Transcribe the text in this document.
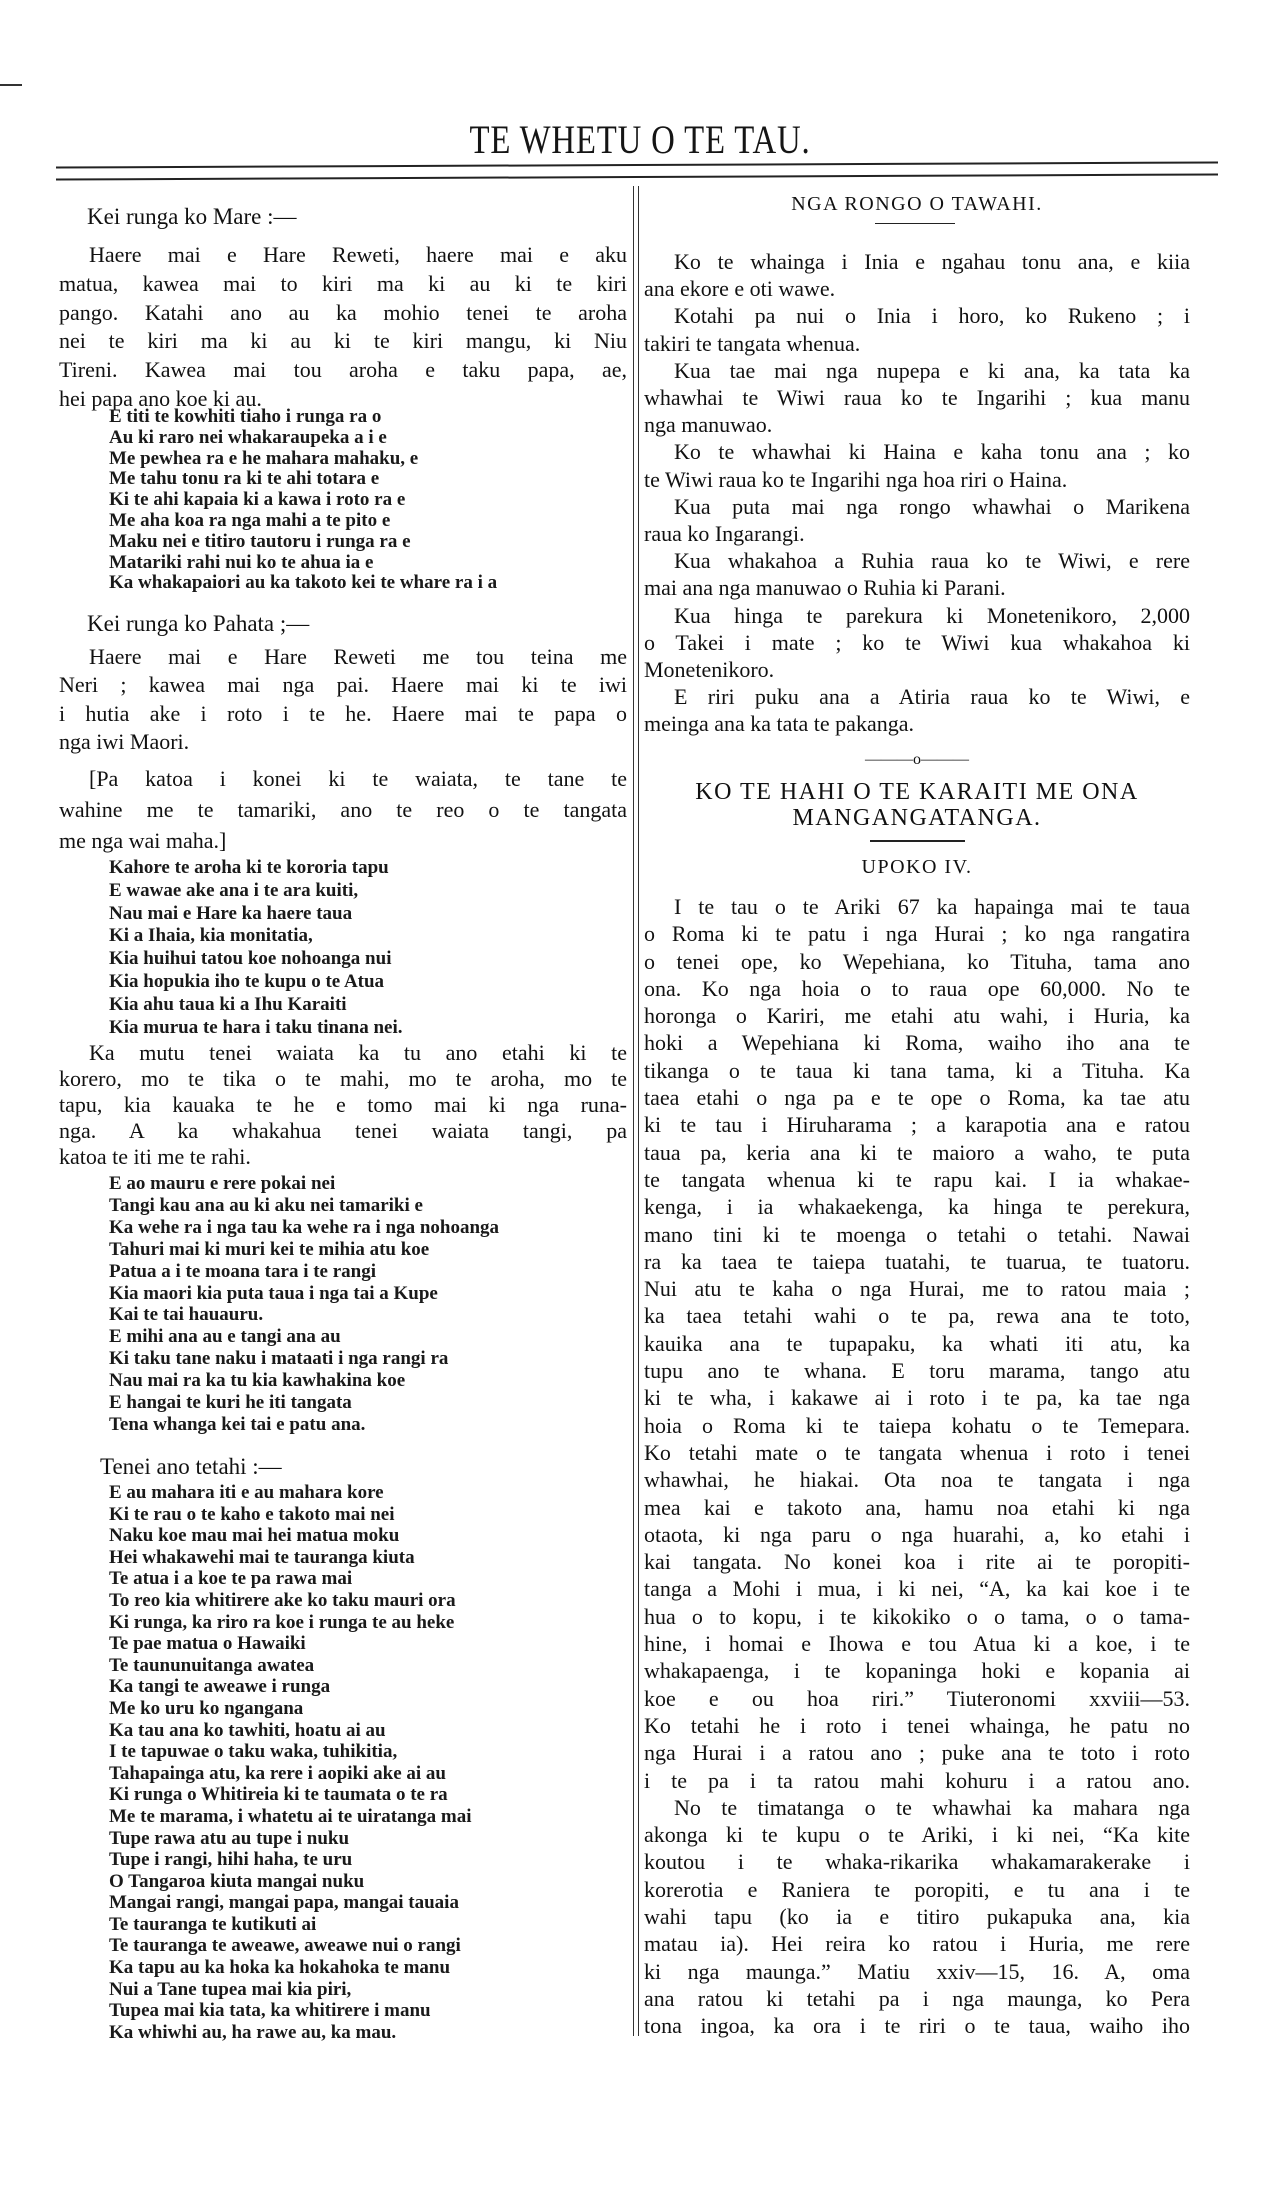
TE WHETU O TE TAU.
Kei runga ko Mare :—
Haere mai e Hare Reweti, haere mai e aku
matua, kawea mai to kiri ma ki au ki te kiri
pango. Katahi ano au ka mohio tenei te aroha
nei te kiri ma ki au ki te kiri mangu, ki Niu
Tireni. Kawea mai tou aroha e taku papa, ae,
hei papa ano koe ki au.
E titi te kowhiti tiaho i runga ra o
Au ki raro nei whakaraupeka a i e
Me pewhea ra e he mahara mahaku, e
Me tahu tonu ra ki te ahi totara e
Ki te ahi kapaia ki a kawa i roto ra e
Me aha koa ra nga mahi a te pito e
Maku nei e titiro tautoru i runga ra e
Matariki rahi nui ko te ahua ia e
Ka whakapaiori au ka takoto kei te whare ra i a
Kei runga ko Pahata ;—
Haere mai e Hare Reweti me tou teina me
Neri ; kawea mai nga pai. Haere mai ki te iwi
i hutia ake i roto i te he. Haere mai te papa o
nga iwi Maori.
[Pa katoa i konei ki te waiata, te tane te
wahine me te tamariki, ano te reo o te tangata
me nga wai maha.]
Kahore te aroha ki te kororia tapu
E wawae ake ana i te ara kuiti,
Nau mai e Hare ka haere taua
Ki a Ihaia, kia monitatia,
Kia huihui tatou koe nohoanga nui
Kia hopukia iho te kupu o te Atua
Kia ahu taua ki a Ihu Karaiti
Kia murua te hara i taku tinana nei.
Ka mutu tenei waiata ka tu ano etahi ki te
korero, mo te tika o te mahi, mo te aroha, mo te
tapu, kia kauaka te he e tomo mai ki nga runa-
nga. A ka whakahua tenei waiata tangi, pa
katoa te iti me te rahi.
E ao mauru e rere pokai nei
Tangi kau ana au ki aku nei tamariki e
Ka wehe ra i nga tau ka wehe ra i nga nohoanga
Tahuri mai ki muri kei te mihia atu koe
Patua a i te moana tara i te rangi
Kia maori kia puta taua i nga tai a Kupe
Kai te tai hauauru.
E mihi ana au e tangi ana au
Ki taku tane naku i mataati i nga rangi ra
Nau mai ra ka tu kia kawhakina koe
E hangai te kuri he iti tangata
Tena whanga kei tai e patu ana.
Tenei ano tetahi :—
E au mahara iti e au mahara kore
Ki te rau o te kaho e takoto mai nei
Naku koe mau mai hei matua moku
Hei whakawehi mai te tauranga kiuta
Te atua i a koe te pa rawa mai
To reo kia whitirere ake ko taku mauri ora
Ki runga, ka riro ra koe i runga te au heke
Te pae matua o Hawaiki
Te taununuitanga awatea
Ka tangi te aweawe i runga
Me ko uru ko ngangana
Ka tau ana ko tawhiti, hoatu ai au
I te tapuwae o taku waka, tuhikitia,
Tahapainga atu, ka rere i aopiki ake ai au
Ki runga o Whitireia ki te taumata o te ra
Me te marama, i whatetu ai te uiratanga mai
Tupe rawa atu au tupe i nuku
Tupe i rangi, hihi haha, te uru
O Tangaroa kiuta mangai nuku
Mangai rangi, mangai papa, mangai tauaia
Te tauranga te kutikuti ai
Te tauranga te aweawe, aweawe nui o rangi
Ka tapu au ka hoka ka hokahoka te manu
Nui a Tane tupea mai kia piri,
Tupea mai kia tata, ka whitirere i manu
Ka whiwhi au, ha rawe au, ka mau.
NGA RONGO O TAWAHI.
Ko te whainga i Inia e ngahau tonu ana, e kiia
ana ekore e oti wawe.
Kotahi pa nui o Inia i horo, ko Rukeno ; i
takiri te tangata whenua.
Kua tae mai nga nupepa e ki ana, ka tata ka
whawhai te Wiwi raua ko te Ingarihi ; kua manu
nga manuwao.
Ko te whawhai ki Haina e kaha tonu ana ; ko
te Wiwi raua ko te Ingarihi nga hoa riri o Haina.
Kua puta mai nga rongo whawhai o Marikena
raua ko Ingarangi.
Kua whakahoa a Ruhia raua ko te Wiwi, e rere
mai ana nga manuwao o Ruhia ki Parani.
Kua hinga te parekura ki Monetenikoro, 2,000
o Takei i mate ; ko te Wiwi kua whakahoa ki
Monetenikoro.
E riri puku ana a Atiria raua ko te Wiwi, e
meinga ana ka tata te pakanga.
———o———
KO TE HAHI O TE KARAITI ME ONA
MANGANGATANGA.
UPOKO IV.
I te tau o te Ariki 67 ka hapainga mai te taua
o Roma ki te patu i nga Hurai ; ko nga rangatira
o tenei ope, ko Wepehiana, ko Tituha, tama ano
ona. Ko nga hoia o to raua ope 60,000. No te
horonga o Kariri, me etahi atu wahi, i Huria, ka
hoki a Wepehiana ki Roma, waiho iho ana te
tikanga o te taua ki tana tama, ki a Tituha. Ka
taea etahi o nga pa e te ope o Roma, ka tae atu
ki te tau i Hiruharama ; a karapotia ana e ratou
taua pa, keria ana ki te maioro a waho, te puta
te tangata whenua ki te rapu kai. I ia whakae-
kenga, i ia whakaekenga, ka hinga te perekura,
mano tini ki te moenga o tetahi o tetahi. Nawai
ra ka taea te taiepa tuatahi, te tuarua, te tuatoru.
Nui atu te kaha o nga Hurai, me to ratou maia ;
ka taea tetahi wahi o te pa, rewa ana te toto,
kauika ana te tupapaku, ka whati iti atu, ka
tupu ano te whana. E toru marama, tango atu
ki te wha, i kakawe ai i roto i te pa, ka tae nga
hoia o Roma ki te taiepa kohatu o te Temepara.
Ko tetahi mate o te tangata whenua i roto i tenei
whawhai, he hiakai. Ota noa te tangata i nga
mea kai e takoto ana, hamu noa etahi ki nga
otaota, ki nga paru o nga huarahi, a, ko etahi i
kai tangata. No konei koa i rite ai te poropiti-
tanga a Mohi i mua, i ki nei, “A, ka kai koe i te
hua o to kopu, i te kikokiko o o tama, o o tama-
hine, i homai e Ihowa e tou Atua ki a koe, i te
whakapaenga, i te kopaninga hoki e kopania ai
koe e ou hoa riri.” Tiuteronomi xxviii—53.
Ko tetahi he i roto i tenei whainga, he patu no
nga Hurai i a ratou ano ; puke ana te toto i roto
i te pa i ta ratou mahi kohuru i a ratou ano.
No te timatanga o te whawhai ka mahara nga
akonga ki te kupu o te Ariki, i ki nei, “Ka kite
koutou i te whaka-rikarika whakamarakerake i
korerotia e Raniera te poropiti, e tu ana i te
wahi tapu (ko ia e titiro pukapuka ana, kia
matau ia). Hei reira ko ratou i Huria, me rere
ki nga maunga.” Matiu xxiv—15, 16. A, oma
ana ratou ki tetahi pa i nga maunga, ko Pera
tona ingoa, ka ora i te riri o te taua, waiho iho
